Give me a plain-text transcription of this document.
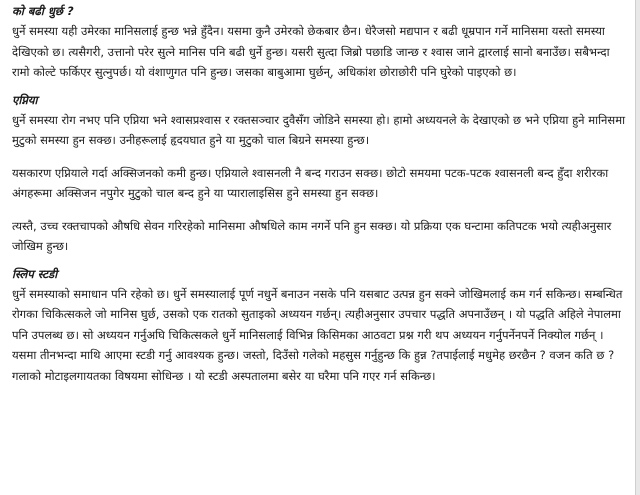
को बढी धुर्छ ?

धुर्ने समस्या यही उमेरका मानिसलाई हुन्छ भन्ने हुँदैन। यसमा कुनै उमेरको छेकबार छैन। धेरैजसो मद्यपान र बढी धूम्रपान गर्ने मानिसमा यस्तो समस्या देखिएको छ। त्यसैगरी, उत्तानो परेर सुत्ने मानिस पनि बढी धुर्ने हुन्छ। यसरी सुत्दा जिब्रो पछाडि जान्छ र श्वास जाने द्वारलाई सानो बनाउँछ। सबैभन्दा रामो कोल्टे फर्किएर सुत्नुपर्छ। यो वंशाणुगत पनि हुन्छ। जसका बाबुआमा घुर्छन्, अधिकांश छोराछोरी पनि घुरेको पाइएको छ।

एप्निया

धुर्ने समस्या रोग नभए पनि एप्निया भने श्वासप्रश्वास र रक्तसञ्चार दुवैसँग जोडिने समस्या हो। हामो अध्ययनले के देखाएको छ भने एप्निया हुने मानिसमा मुटुको समस्या हुन सक्छ। उनीहरूलाई हृदयघात हुने या मुटुको चाल बिग्रने समस्या हुन्छ।

यसकारण एप्नियाले गर्दा अक्सिजनको कमी हुन्छ। एप्नियाले श्वासनली नै बन्द गराउन सक्छ। छोटो समयमा पटक-पटक श्वासनली बन्द हुँदा शरीरका अंगहरूमा अक्सिजन नपुगेर मुटुको चाल बन्द हुने या प्यारालाइसिस हुने समस्या हुन सक्छ।

त्यस्तै, उच्च रक्तचापको औषधि सेवन गरिरहेको मानिसमा औषधिले काम नगर्ने पनि हुन सक्छ। यो प्रक्रिया एक घन्टामा कतिपटक भयो त्यहीअनुसार जोखिम हुन्छ।

स्लिप स्टडी

धुर्ने समस्याको समाधान पनि रहेको छ। धुर्ने समस्यालाई पूर्ण नधुर्ने बनाउन नसके पनि यसबाट उत्पन्न हुन सक्ने जोखिमलाई कम गर्न सकिन्छ। सम्बन्धित रोगका चिकित्सकले जो मानिस घुर्छ, उसको एक रातको सुताइको अध्ययन गर्छन्। त्यहीअनुसार उपचार पद्धति अपनाउँछन् । यो पद्धति अहिले नेपालमा पनि उपलब्ध छ। सो अध्ययन गर्नुअघि चिकित्सकले धुर्ने मानिसलाई विभिन्न किसिमका आठवटा प्रश्न गरी थप अध्ययन गर्नुपर्नेनपर्ने निक्योल गर्छन् । यसमा तीनभन्दा माथि आएमा स्टडी गर्नु आवश्यक हुन्छ। जस्तो, दिउँसो गलेको महसुस गर्नुहुन्छ कि हुन्न ?तपाईलाई मधुमेह छरछैन ? वजन कति छ ? गलाको मोटाइलगायतका विषयमा सोधिन्छ । यो स्टडी अस्पतालमा बसेर या घरैमा पनि गएर गर्न सकिन्छ।
